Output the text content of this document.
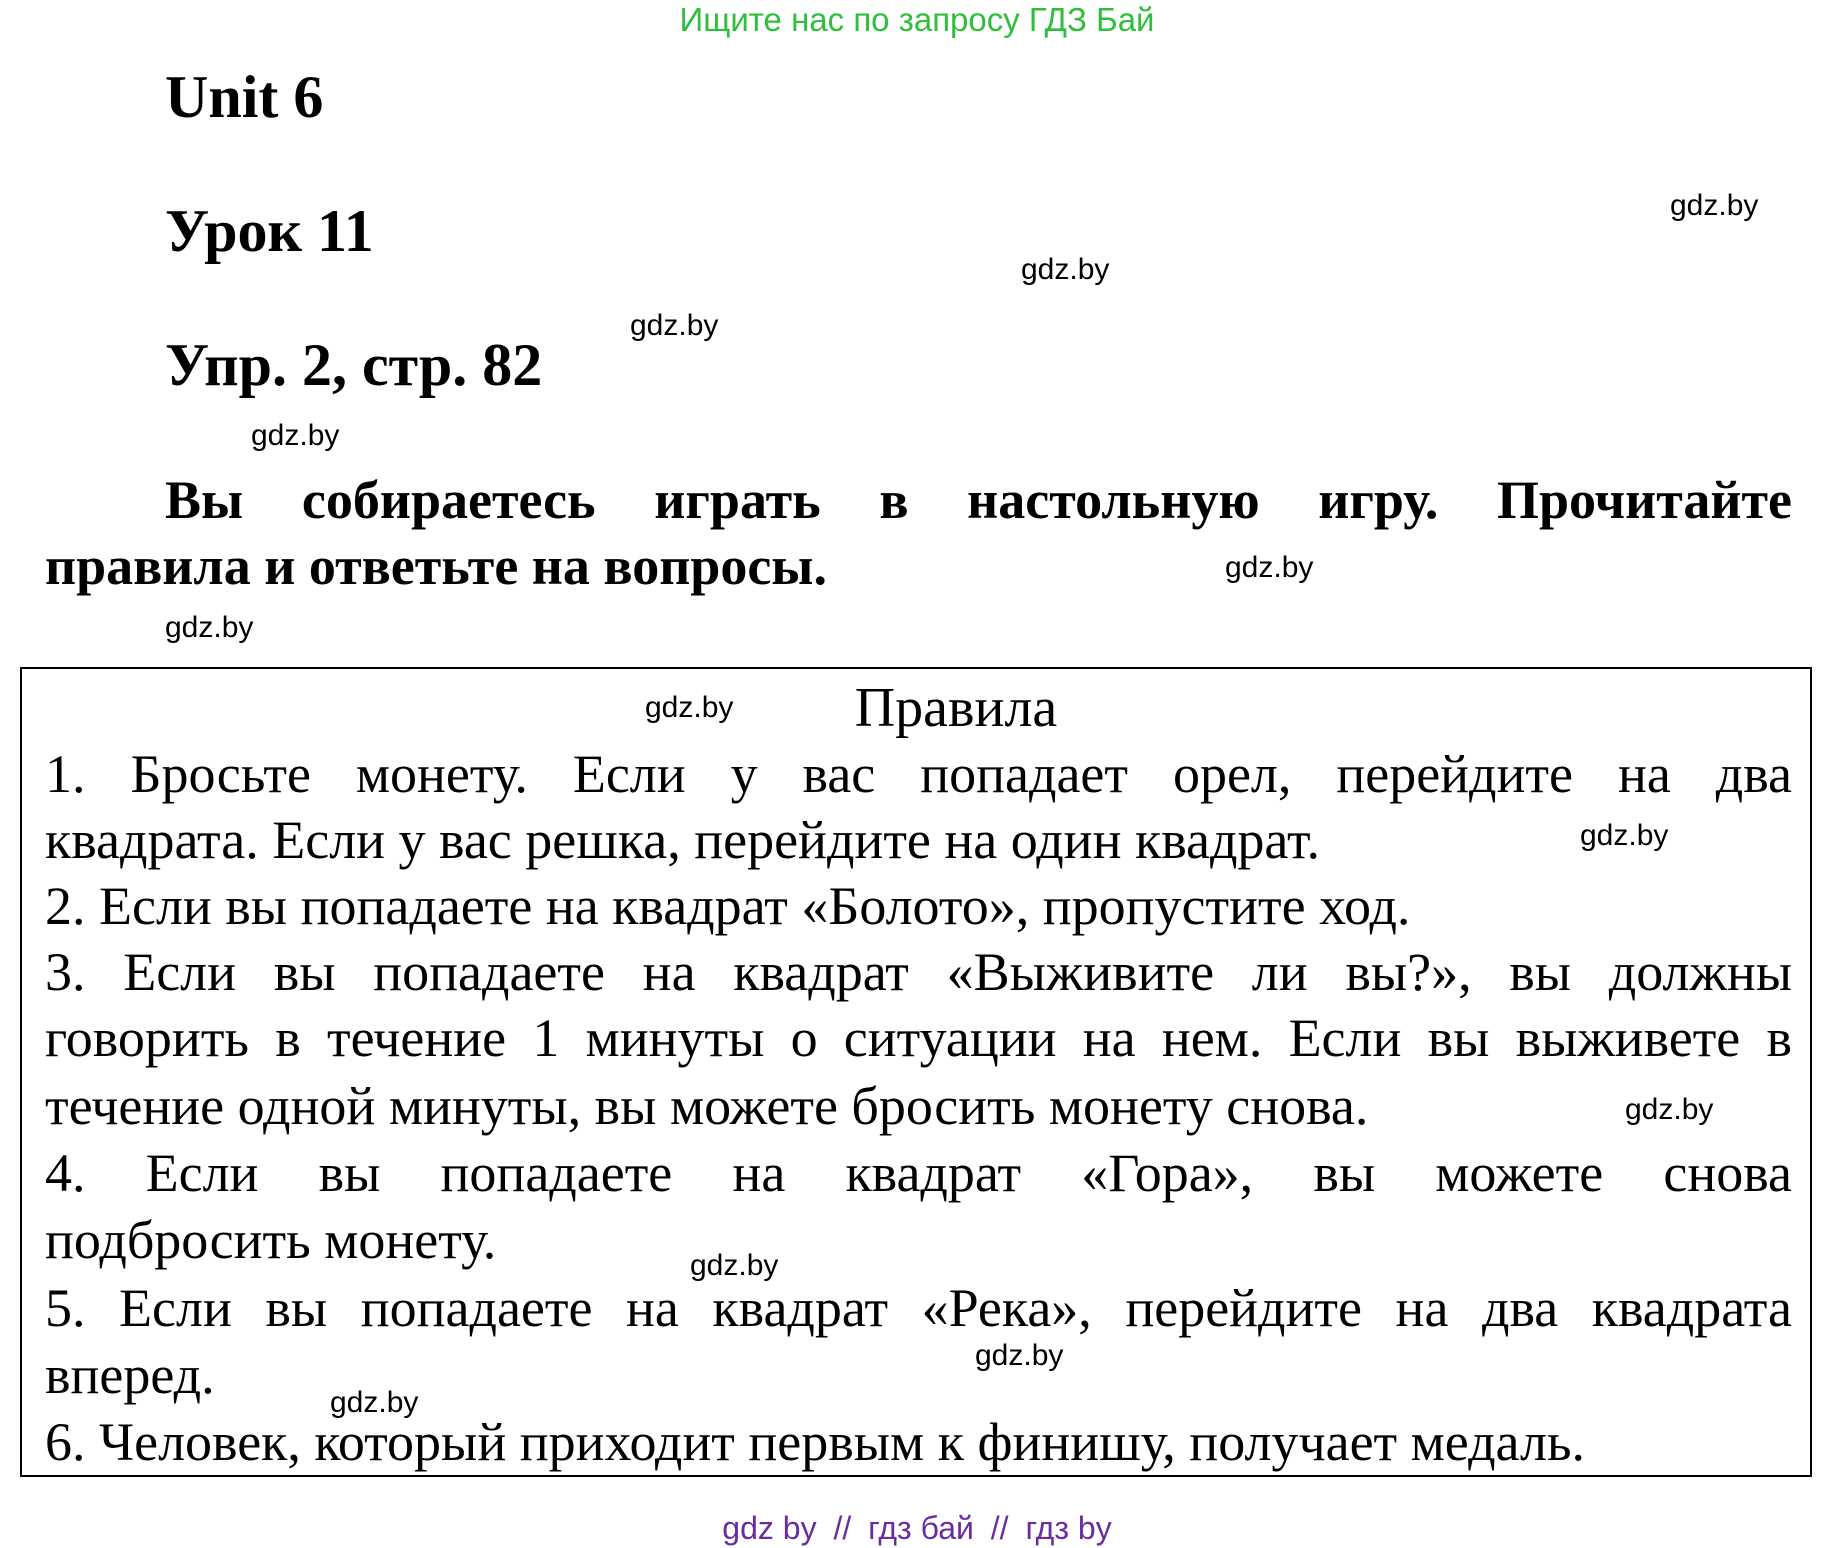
Ищите нас по запросу ГДЗ Бай
Unit 6
Урок 11
Упр. 2, стр. 82
gdz.by
gdz.by
gdz.by
gdz.by
gdz.by
gdz.by
Вы собираетесь играть в настольную игру. Прочитайте
правила и ответьте на вопросы.
Правила
gdz.by
1. Бросьте монету. Если у вас попадает орел, перейдите на два
квадрата. Если у вас решка, перейдите на один квадрат.	gdz.by
2. Если вы попадаете на квадрат «Болото», пропустите ход.
3. Если вы попадаете на квадрат «Выживите ли вы?», вы должны
говорить в течение 1 минуты о ситуации на нем. Если вы выживете в
течение одной минуты, вы можете бросить монету снова.	gdz.by
4. Если вы попадаете на квадрат «Гора», вы можете снова
подбросить монету.	gdz.by
5. Если вы попадаете на квадрат «Река», перейдите на два квадрата
gdz.by
вперед.	gdz.by
6. Человек, который приходит первым к финишу, получает медаль.
gdz by // гдз бай // гдз by
